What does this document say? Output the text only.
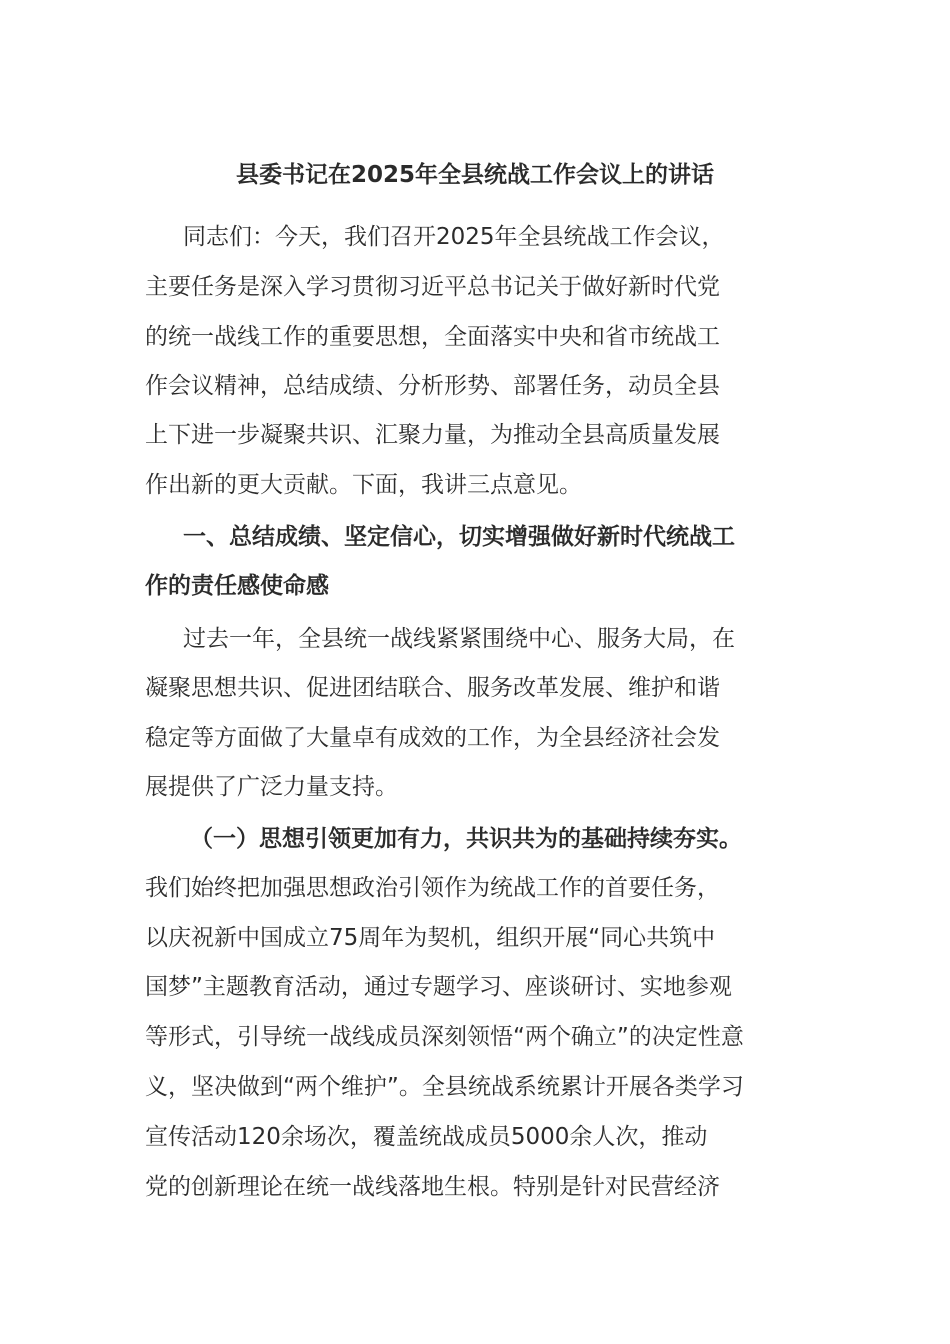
县委书记在2025年全县统战工作会议上的讲话
同志们：今天，我们召开2025年全县统战工作会议，
主要任务是深入学习贯彻习近平总书记关于做好新时代党
的统一战线工作的重要思想，全面落实中央和省市统战工
作会议精神，总结成绩、分析形势、部署任务，动员全县
上下进一步凝聚共识、汇聚力量，为推动全县高质量发展
作出新的更大贡献。下面，我讲三点意见。
一、总结成绩、坚定信心，切实增强做好新时代统战工
作的责任感使命感
过去一年，全县统一战线紧紧围绕中心、服务大局，在
凝聚思想共识、促进团结联合、服务改革发展、维护和谐
稳定等方面做了大量卓有成效的工作，为全县经济社会发
展提供了广泛力量支持。
（一）思想引领更加有力，共识共为的基础持续夯实。
我们始终把加强思想政治引领作为统战工作的首要任务，
以庆祝新中国成立75周年为契机，组织开展“同心共筑中
国梦”主题教育活动，通过专题学习、座谈研讨、实地参观
等形式，引导统一战线成员深刻领悟“两个确立”的决定性意
义，坚决做到“两个维护”。全县统战系统累计开展各类学习
宣传活动120余场次，覆盖统战成员5000余人次，推动
党的创新理论在统一战线落地生根。特别是针对民营经济
